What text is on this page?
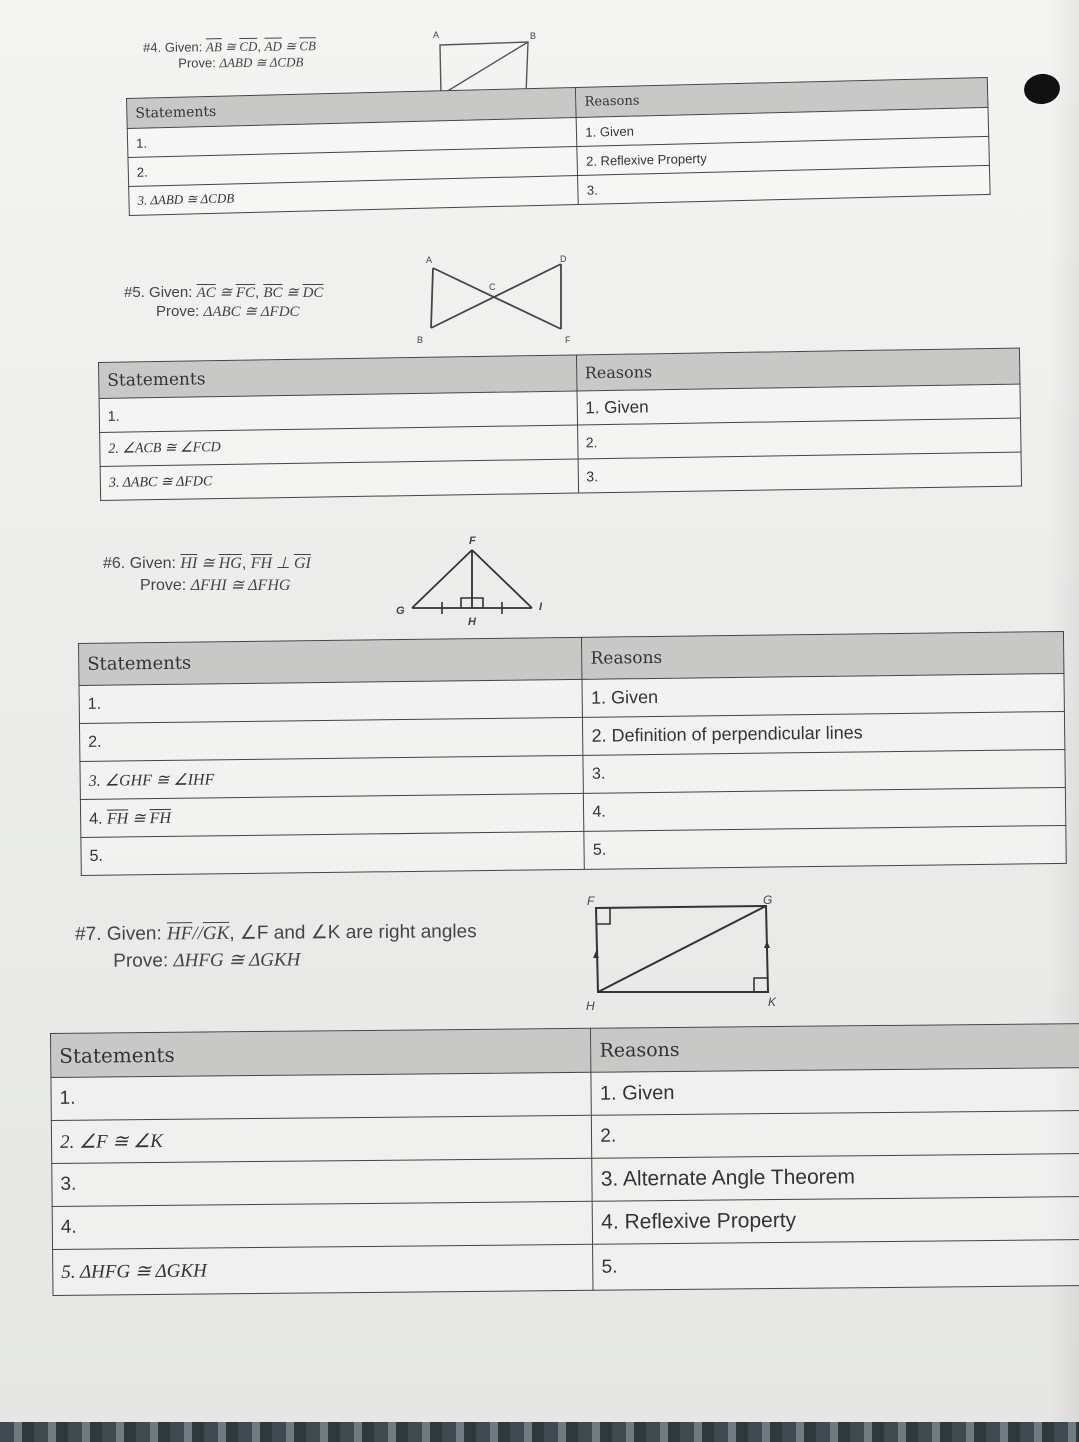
#4. Given: $\overline{AB}$ ≅ $\overline{CD}$, $\overline{AD}$ ≅ $\overline{CB}$
Prove: ΔABD ≅ ΔCDB
A	B
Statements	Reasons
1.	1. Given
2.	2. Reflexive Property
3. ΔABD ≅ ΔCDB	3.
#5. Given: $\overline{AC}$ ≅ $\overline{FC}$, $\overline{BC}$ ≅ $\overline{DC}$
Prove: ΔABC ≅ ΔFDC
A
B
C
D
F
Statements	Reasons
1.	1. Given
2. ∠ACB ≅ ∠FCD	2.
3. ΔABC ≅ ΔFDC	3.
#6. Given: $\overline{HI}$ ≅ $\overline{HG}$, $\overline{FH}$ ⊥ $\overline{GI}$
Prove: ΔFHI ≅ ΔFHG
F
G
H
I
Statements	Reasons
1.	1. Given
2.	2. Definition of perpendicular lines
3. ∠GHF ≅ ∠IHF	3.
4. $\overline{FH}$ ≅ $\overline{FH}$	4.
5.	5.
#7. Given: $\overline{HF}//\overline{GK}$, ∠F and ∠K are right angles
Prove: ΔHFG ≅ ΔGKH
F	G
H	K
Statements	Reasons
1.	1. Given
2. ∠F ≅ ∠K	2.
3.	3. Alternate Angle Theorem
4.	4. Reflexive Property
5. ΔHFG ≅ ΔGKH	5.
